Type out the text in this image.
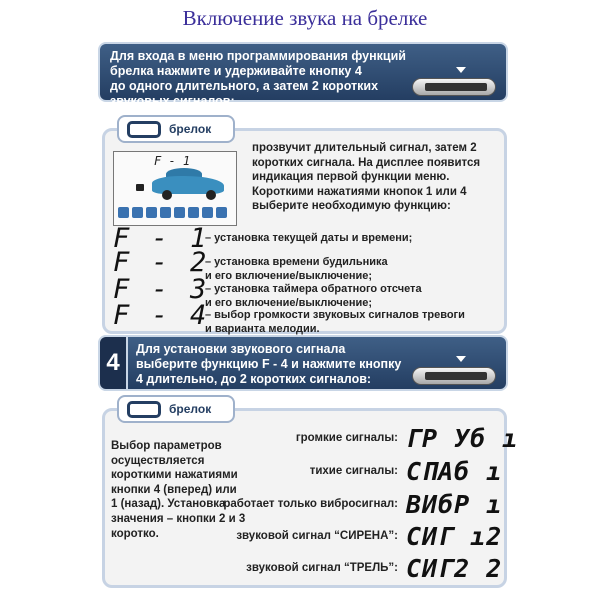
Включение звука на брелке
Для входа в меню программирования функций
брелка нажмите и удерживайте кнопку 4
до одного длительного, а затем 2 коротких
звуковых сигналов:
брелок
F - 1
прозвучит длительный сигнал, затем 2 коротких сигнала. На дисплее появится индикация первой функции меню. Короткими нажатиями кнопок 1 или 4 выберите необходимую функцию:
F - 1
– установка текущей даты и времени;
F - 2
– установка времени будильника
и его включение/выключение;
F - 3
– установка таймера обратного отсчета
и его включение/выключение;
F - 4
– выбор громкости звуковых сигналов тревоги
и варианта мелодии.
4	Для установки звукового сигнала
выберите функцию F - 4 и нажмите кнопку
4 длительно, до 2 коротких сигналов:
брелок
Выбор параметров осуществляется короткими нажатиями кнопки 4 (вперед) или 1 (назад). Установка значения – кнопки 2 и 3 коротко.
громкие сигналы: ГР Уб ı
тихие сигналы: СПАб ı
работает только вибросигнал: ВИбР ı
звуковой сигнал “СИРЕНА”: СИГ ı2
звуковой сигнал “ТРЕЛЬ”: СИГ2 2
